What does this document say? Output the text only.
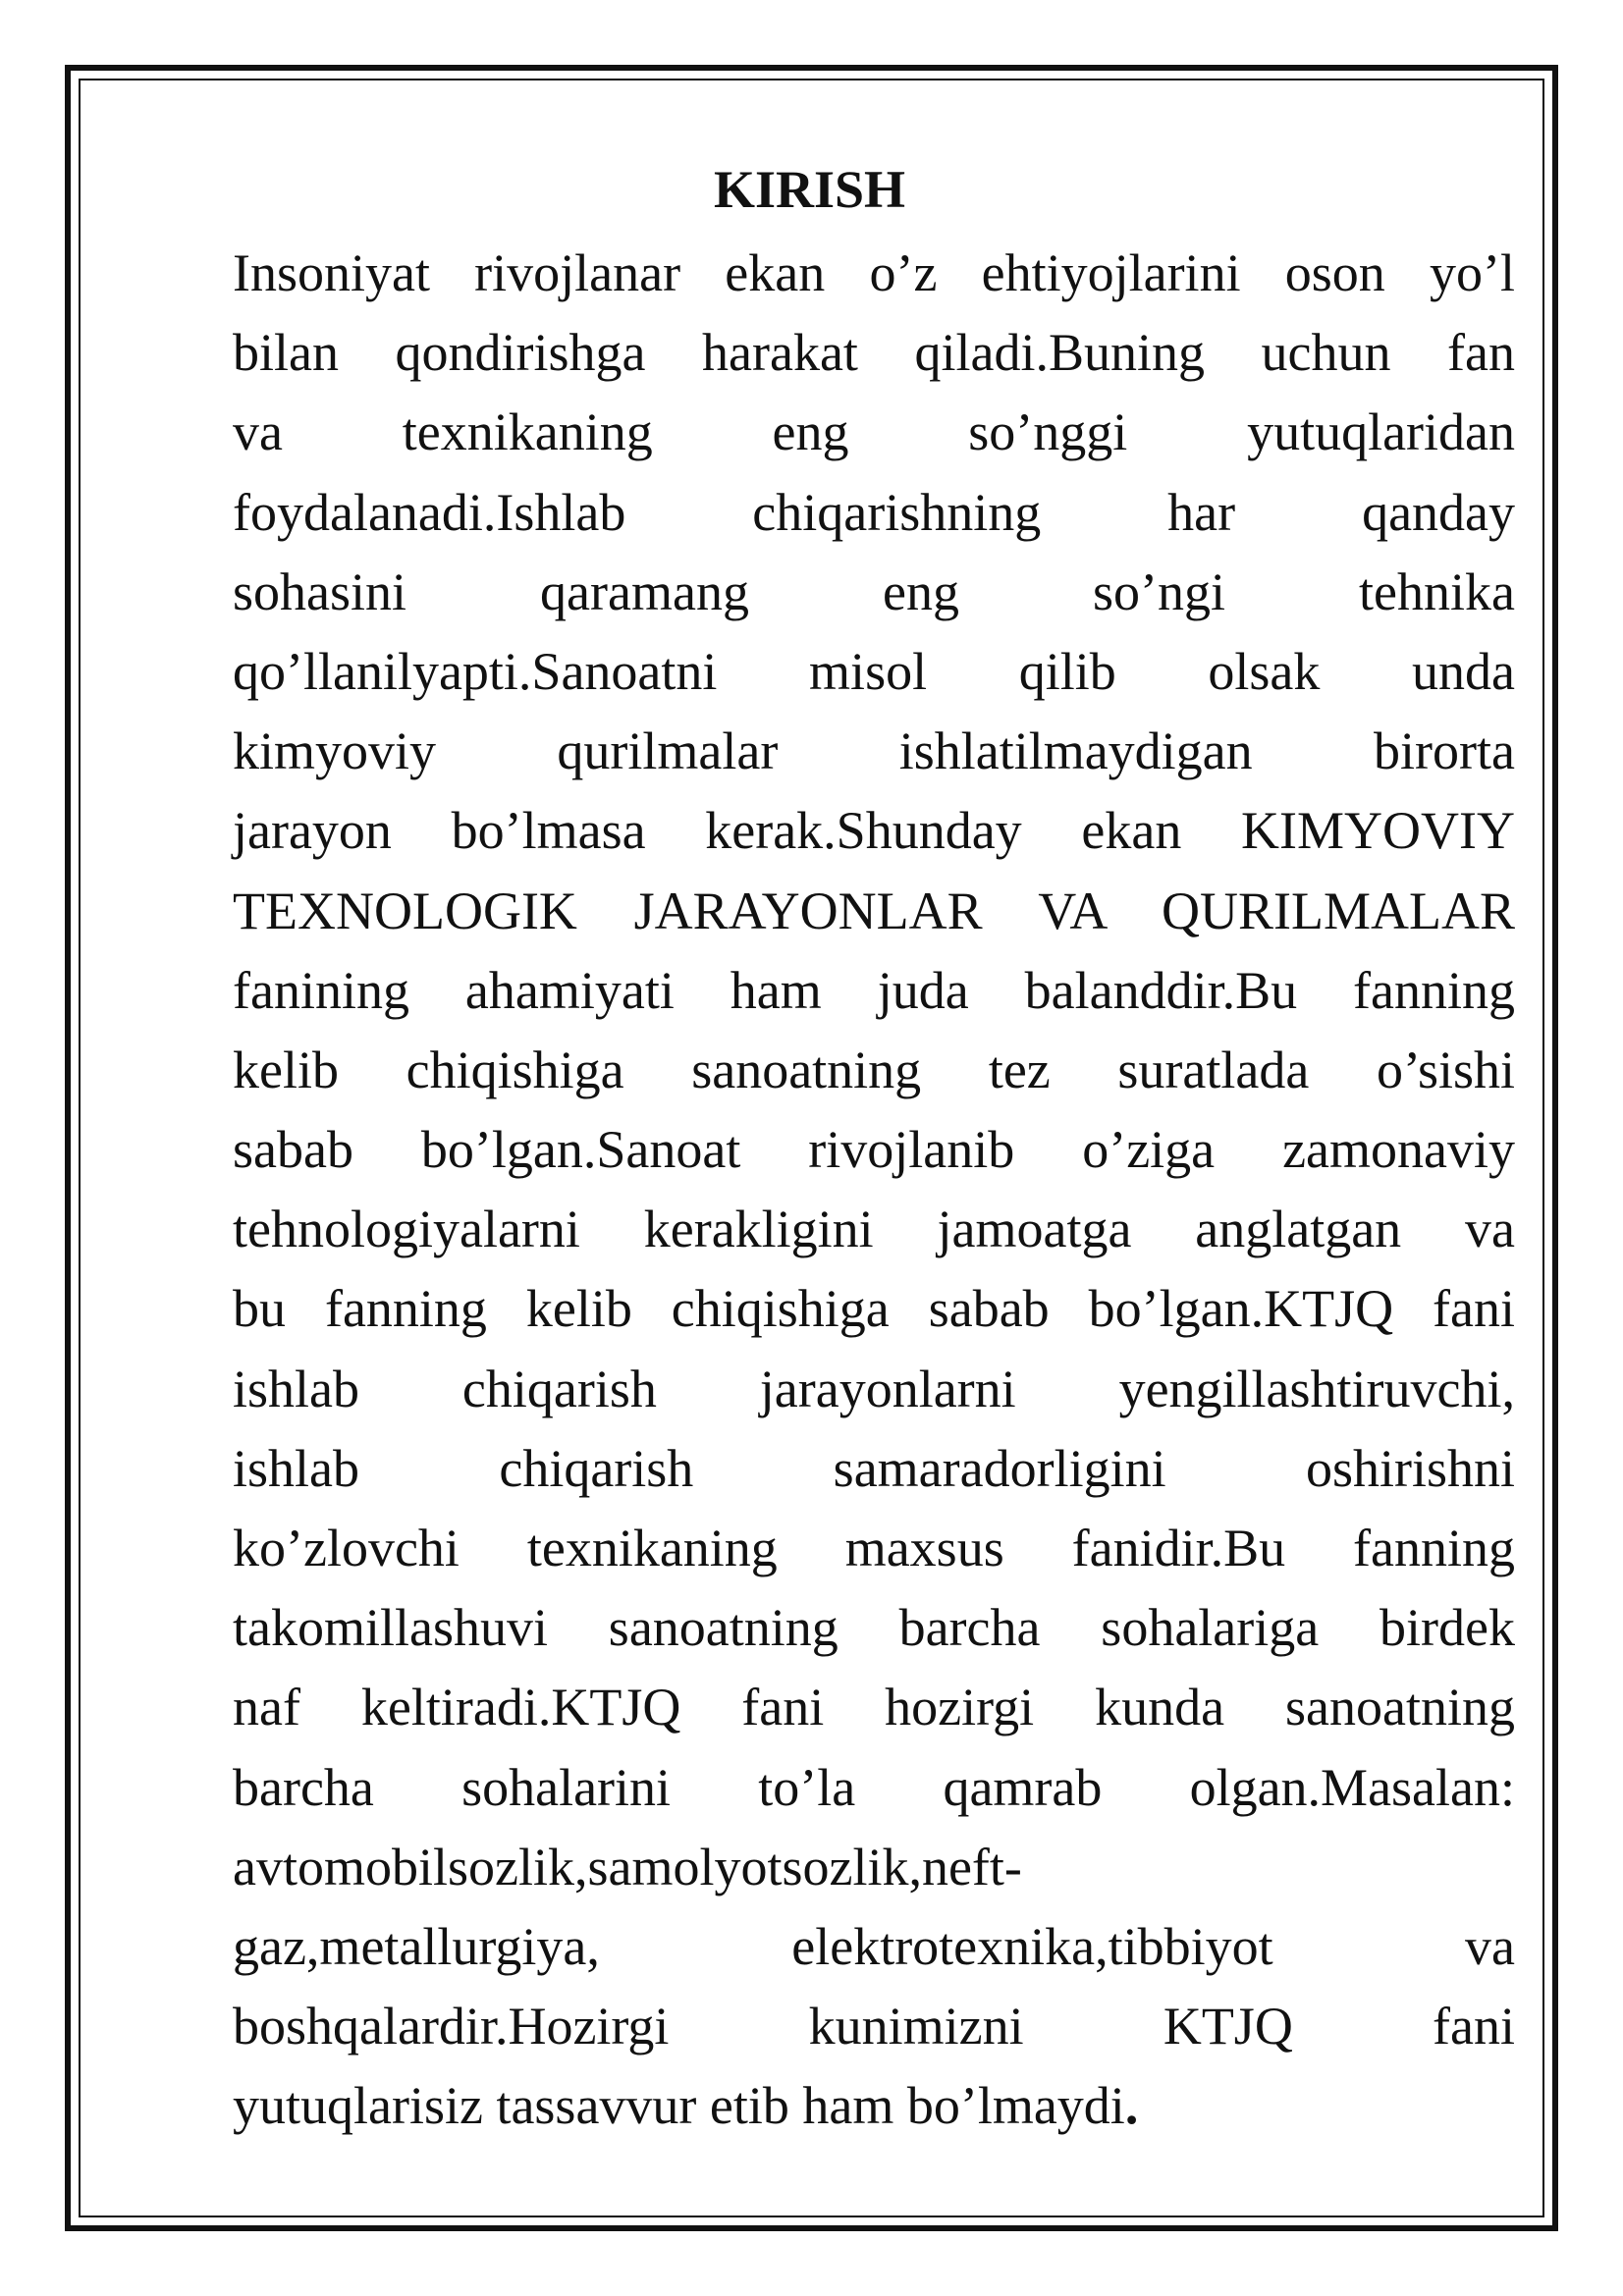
KIRISH
Insoniyat rivojlanar ekan o’z ehtiyojlarini oson yo’l
bilan qondirishga harakat qiladi.Buning uchun fan
va texnikaning eng so’nggi yutuqlaridan
foydalanadi.Ishlab chiqarishning har qanday
sohasini qaramang eng so’ngi tehnika
qo’llanilyapti.Sanoatni misol qilib olsak unda
kimyoviy qurilmalar ishlatilmaydigan birorta
jarayon bo’lmasa kerak.Shunday ekan KIMYOVIY
TEXNOLOGIK JARAYONLAR VA QURILMALAR
fanining ahamiyati ham juda balanddir.Bu fanning
kelib chiqishiga sanoatning tez suratlada o’sishi
sabab bo’lgan.Sanoat rivojlanib o’ziga zamonaviy
tehnologiyalarni kerakligini jamoatga anglatgan va
bu fanning kelib chiqishiga sabab bo’lgan.KTJQ fani
ishlab chiqarish jarayonlarni yengillashtiruvchi,
ishlab chiqarish samaradorligini oshirishni
ko’zlovchi texnikaning maxsus fanidir.Bu fanning
takomillashuvi sanoatning barcha sohalariga birdek
naf keltiradi.KTJQ fani hozirgi kunda sanoatning
barcha sohalarini to’la qamrab olgan.Masalan:
avtomobilsozlik,samolyotsozlik,neft-
gaz,metallurgiya, elektrotexnika,tibbiyot va
boshqalardir.Hozirgi kunimizni KTJQ fani
yutuqlarisiz tassavvur etib ham bo’lmaydi.
